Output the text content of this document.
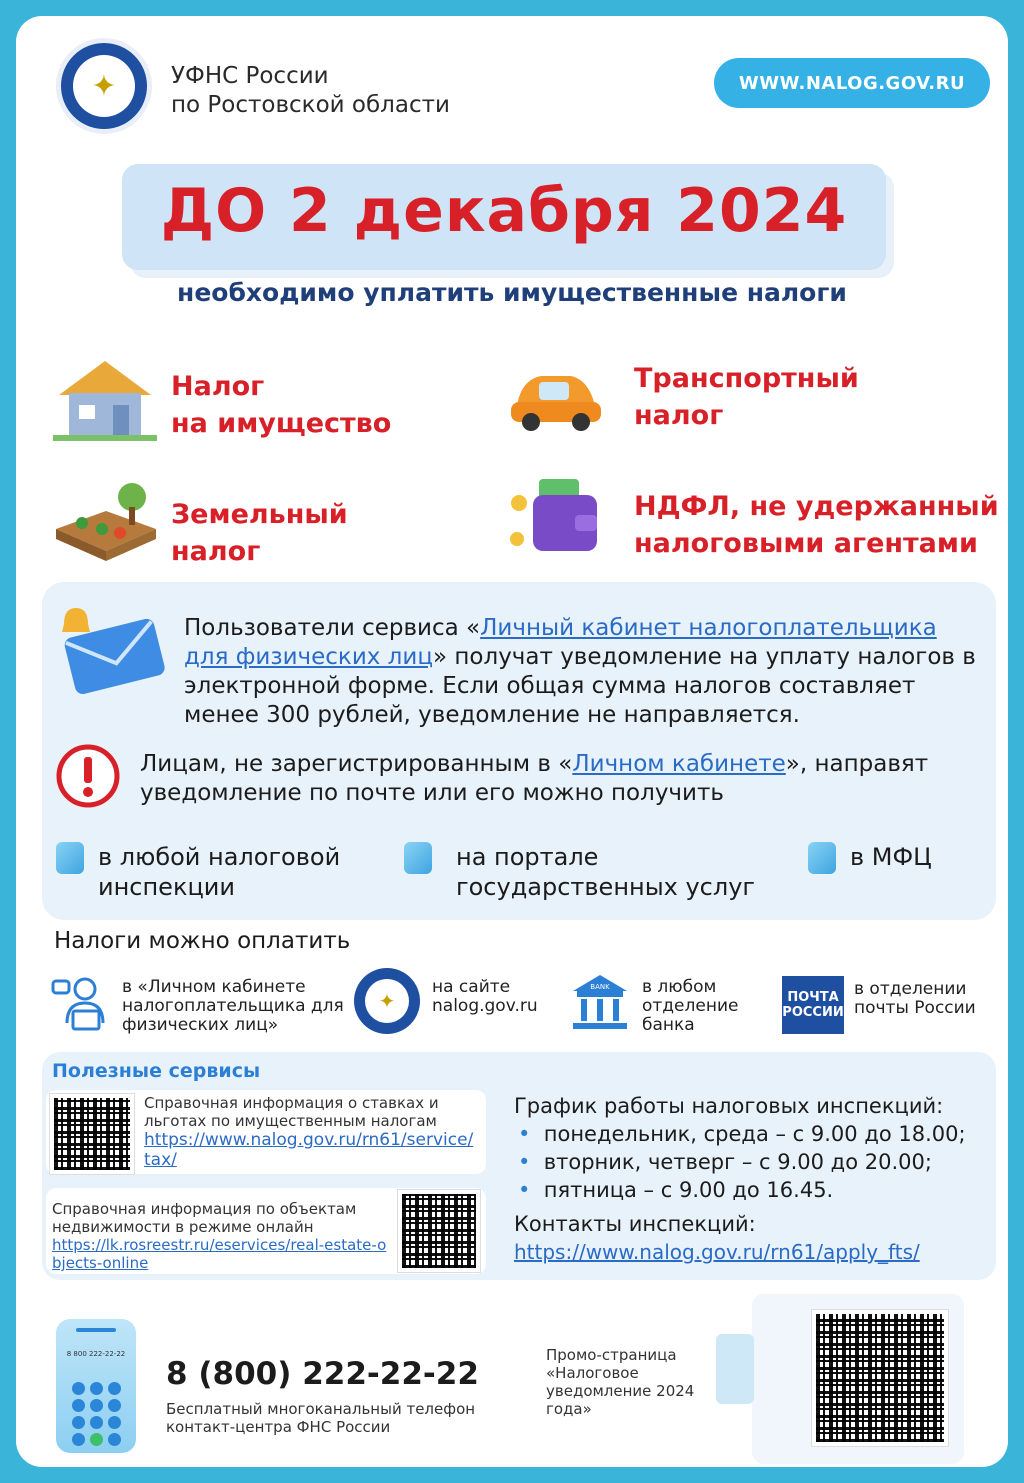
✦	УФНС России
по Ростовской области
WWW.NALOG.GOV.RU
ДО 2 декабря 2024
необходимо уплатить имущественные налоги
Налог
на имущество
Транспортный
налог
Земельный
налог
НДФЛ, не удержанный
налоговыми агентами
Пользователи сервиса «Личный кабинет налогоплательщика для физических лиц» получат уведомление на уплату налогов в электронной форме. Если общая сумма налогов составляет менее 300 рублей, уведомление не направляется.
Лицам, не зарегистрированным в «Личном кабинете», направят уведомление по почте или его можно получить
в любой налоговой инспекции
на портале государственных услуг
в МФЦ
Налоги можно оплатить
в «Личном кабинете налогоплательщика для физических лиц»
✦
на сайте nalog.gov.ru
BANK в любом отделение банка
ПОЧТА РОССИИ
в отделении почты России
Полезные сервисы
Справочная информация о ставках и льготах по имущественным налогам
https://www.nalog.gov.ru/rn61/service/tax/
Справочная информация по объектам недвижимости в режиме онлайн
https://lk.rosreestr.ru/eservices/real-estate-objects-online
График работы налоговых инспекций:
• понедельник, среда – с 9.00 до 18.00;
• вторник, четверг – с 9.00 до 20.00;
• пятница – с 9.00 до 16.45.
Контакты инспекций:
https://www.nalog.gov.ru/rn61/apply_fts/
8 800 222-22-22
8 (800) 222-22-22
Бесплатный многоканальный телефон контакт-центра ФНС России
Промо-страница «Налоговое уведомление 2024 года»
